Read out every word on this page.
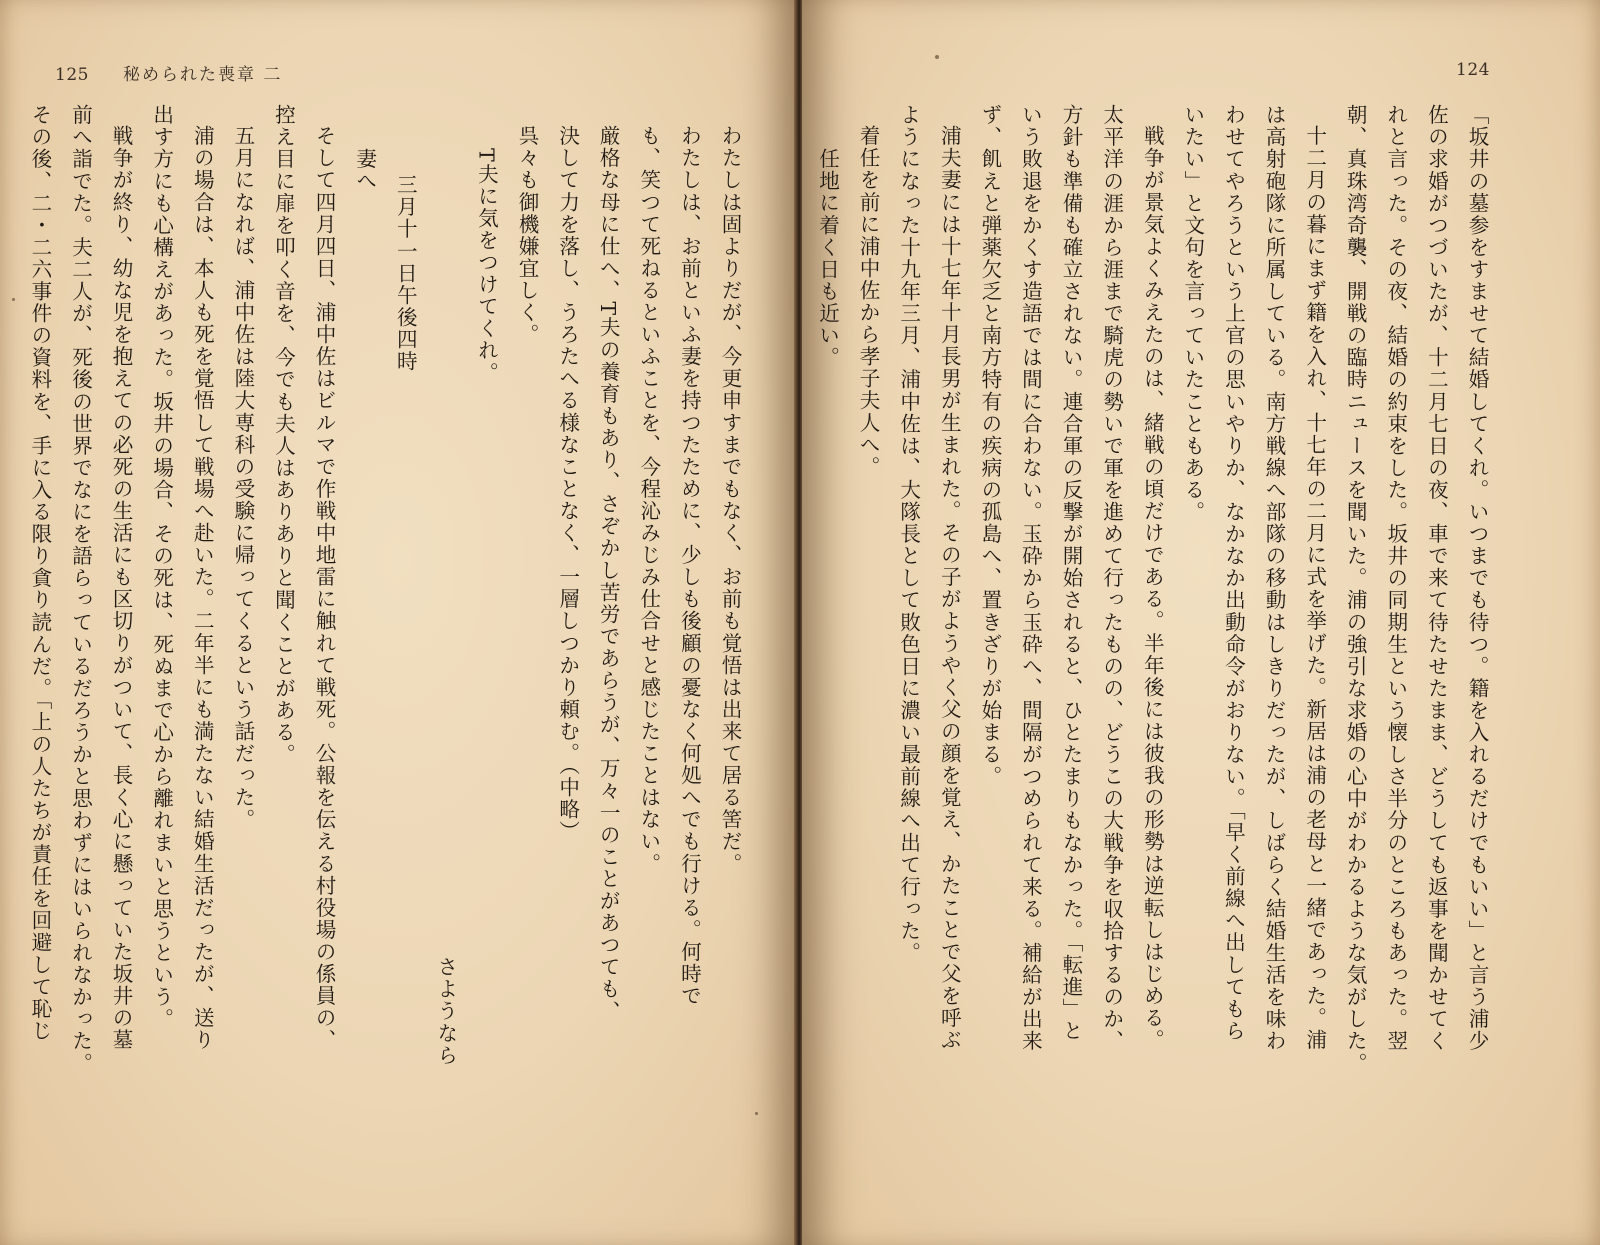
125 秘められた喪章 二
わたしは固よりだが、今更申すまでもなく、お前も覚悟は出来て居る筈だ。
わたしは、お前といふ妻を持つたために、少しも後顧の憂なく何処へでも行ける。何時で
も、笑つて死ねるといふことを、今程沁みじみ仕合せと感じたことはない。
厳格な母に仕へ、T夫の養育もあり、さぞかし苦労であらうが、万々一のことがあつても、
決して力を落し、うろたへる様なことなく、一層しつかり頼む。（中略）
呉々も御機嫌宜しく。
T夫に気をつけてくれ。
さようなら
三月十一日午後四時
妻へ
そして四月四日、浦中佐はビルマで作戦中地雷に触れて戦死。公報を伝える村役場の係員の、
控え目に扉を叩く音を、今でも夫人はありありと聞くことがある。
五月になれば、浦中佐は陸大専科の受験に帰ってくるという話だった。
浦の場合は、本人も死を覚悟して戦場へ赴いた。二年半にも満たない結婚生活だったが、送り
出す方にも心構えがあった。坂井の場合、その死は、死ぬまで心から離れまいと思うという。
戦争が終り、幼な児を抱えての必死の生活にも区切りがついて、長く心に懸っていた坂井の墓
前へ詣でた。夫二人が、死後の世界でなにを語らっているだろうかと思わずにはいられなかった。
その後、二・二六事件の資料を、手に入る限り貪り読んだ。「上の人たちが責任を回避して恥じ
124
「坂井の墓参をすませて結婚してくれ。いつまでも待つ。籍を入れるだけでもいい」と言う浦少
佐の求婚がつづいたが、十二月七日の夜、車で来て待たせたまま、どうしても返事を聞かせてく
れと言った。その夜、結婚の約束をした。坂井の同期生という懐しさ半分のところもあった。翌
朝、真珠湾奇襲、開戦の臨時ニュースを聞いた。浦の強引な求婚の心中がわかるような気がした。
十二月の暮にまず籍を入れ、十七年の二月に式を挙げた。新居は浦の老母と一緒であった。浦
は高射砲隊に所属している。南方戦線へ部隊の移動はしきりだったが、しばらく結婚生活を味わ
わせてやろうという上官の思いやりか、なかなか出動命令がおりない。「早く前線へ出してもら
いたい」と文句を言っていたこともある。
戦争が景気よくみえたのは、緒戦の頃だけである。半年後には彼我の形勢は逆転しはじめる。
太平洋の涯から涯まで騎虎の勢いで軍を進めて行ったものの、どうこの大戦争を収拾するのか、
方針も準備も確立されない。連合軍の反撃が開始されると、ひとたまりもなかった。「転進」と
いう敗退をかくす造語では間に合わない。玉砕から玉砕へ、間隔がつめられて来る。補給が出来
ず、飢えと弾薬欠乏と南方特有の疾病の孤島へ、置きざりが始まる。
浦夫妻には十七年十月長男が生まれた。その子がようやく父の顔を覚え、かたことで父を呼ぶ
ようになった十九年三月、浦中佐は、大隊長として敗色日に濃い最前線へ出て行った。
着任を前に浦中佐から孝子夫人へ。
任地に着く日も近い。
